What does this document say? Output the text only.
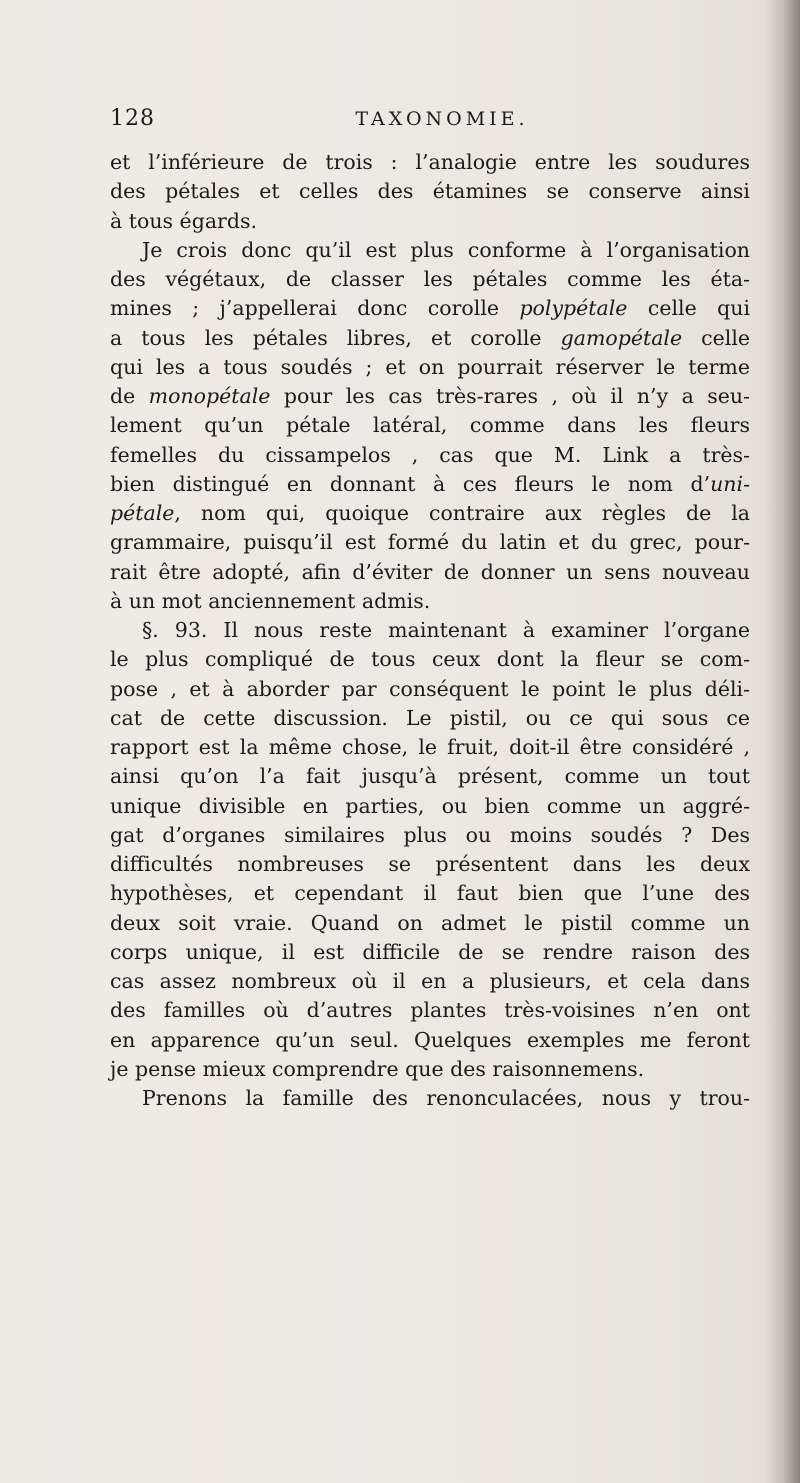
128	TAXONOMIE.
et l’inférieure de trois : l’analogie entre les soudures
des pétales et celles des étamines se conserve ainsi
à tous égards.
Je crois donc qu’il est plus conforme à l’organisation
des végétaux, de classer les pétales comme les éta-
mines ; j’appellerai donc corolle polypétale celle qui
a tous les pétales libres, et corolle gamopétale celle
qui les a tous soudés ; et on pourrait réserver le terme
de monopétale pour les cas très-rares , où il n’y a seu-
lement qu’un pétale latéral, comme dans les fleurs
femelles du cissampelos , cas que M. Link a très-
bien distingué en donnant à ces fleurs le nom d’uni-
pétale, nom qui, quoique contraire aux règles de la
grammaire, puisqu’il est formé du latin et du grec, pour-
rait être adopté, afin d’éviter de donner un sens nouveau
à un mot anciennement admis.
§. 93. Il nous reste maintenant à examiner l’organe
le plus compliqué de tous ceux dont la fleur se com-
pose , et à aborder par conséquent le point le plus déli-
cat de cette discussion. Le pistil, ou ce qui sous ce
rapport est la même chose, le fruit, doit-il être considéré ,
ainsi qu’on l’a fait jusqu’à présent, comme un tout
unique divisible en parties, ou bien comme un aggré-
gat d’organes similaires plus ou moins soudés ? Des
difficultés nombreuses se présentent dans les deux
hypothèses, et cependant il faut bien que l’une des
deux soit vraie. Quand on admet le pistil comme un
corps unique, il est difficile de se rendre raison des
cas assez nombreux où il en a plusieurs, et cela dans
des familles où d’autres plantes très-voisines n’en ont
en apparence qu’un seul. Quelques exemples me feront
je pense mieux comprendre que des raisonnemens.
Prenons la famille des renonculacées, nous y trou-
